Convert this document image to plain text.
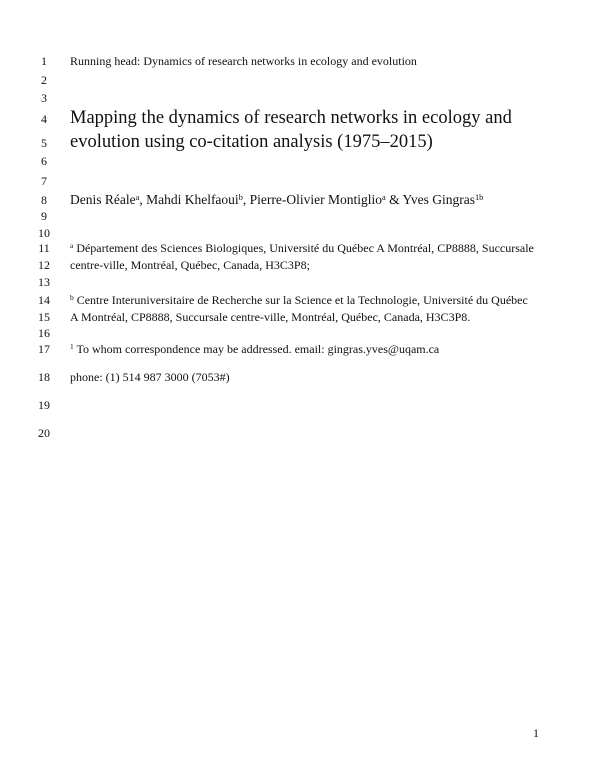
1
2
3
4
5
6
7
8
9
10
11
12
13
14
15
16
17
18
19
20
Running head: Dynamics of research networks in ecology and evolution
Mapping the dynamics of research networks in ecology and
evolution using co-citation analysis (1975–2015)
Denis Réale$^a$, Mahdi Khelfaoui$^b$, Pierre-Olivier Montiglio$^a$ & Yves Gingras$^{1b}$
$^a$ Département des Sciences Biologiques, Université du Québec A Montréal, CP8888, Succursale
centre-ville, Montréal, Québec, Canada, H3C3P8;
$^b$ Centre Interuniversitaire de Recherche sur la Science et la Technologie, Université du Québec
A Montréal, CP8888, Succursale centre-ville, Montréal, Québec, Canada, H3C3P8.
$^1$ To whom correspondence may be addressed. email: gingras.yves@uqam.ca
phone: (1) 514 987 3000 (7053#)
1
